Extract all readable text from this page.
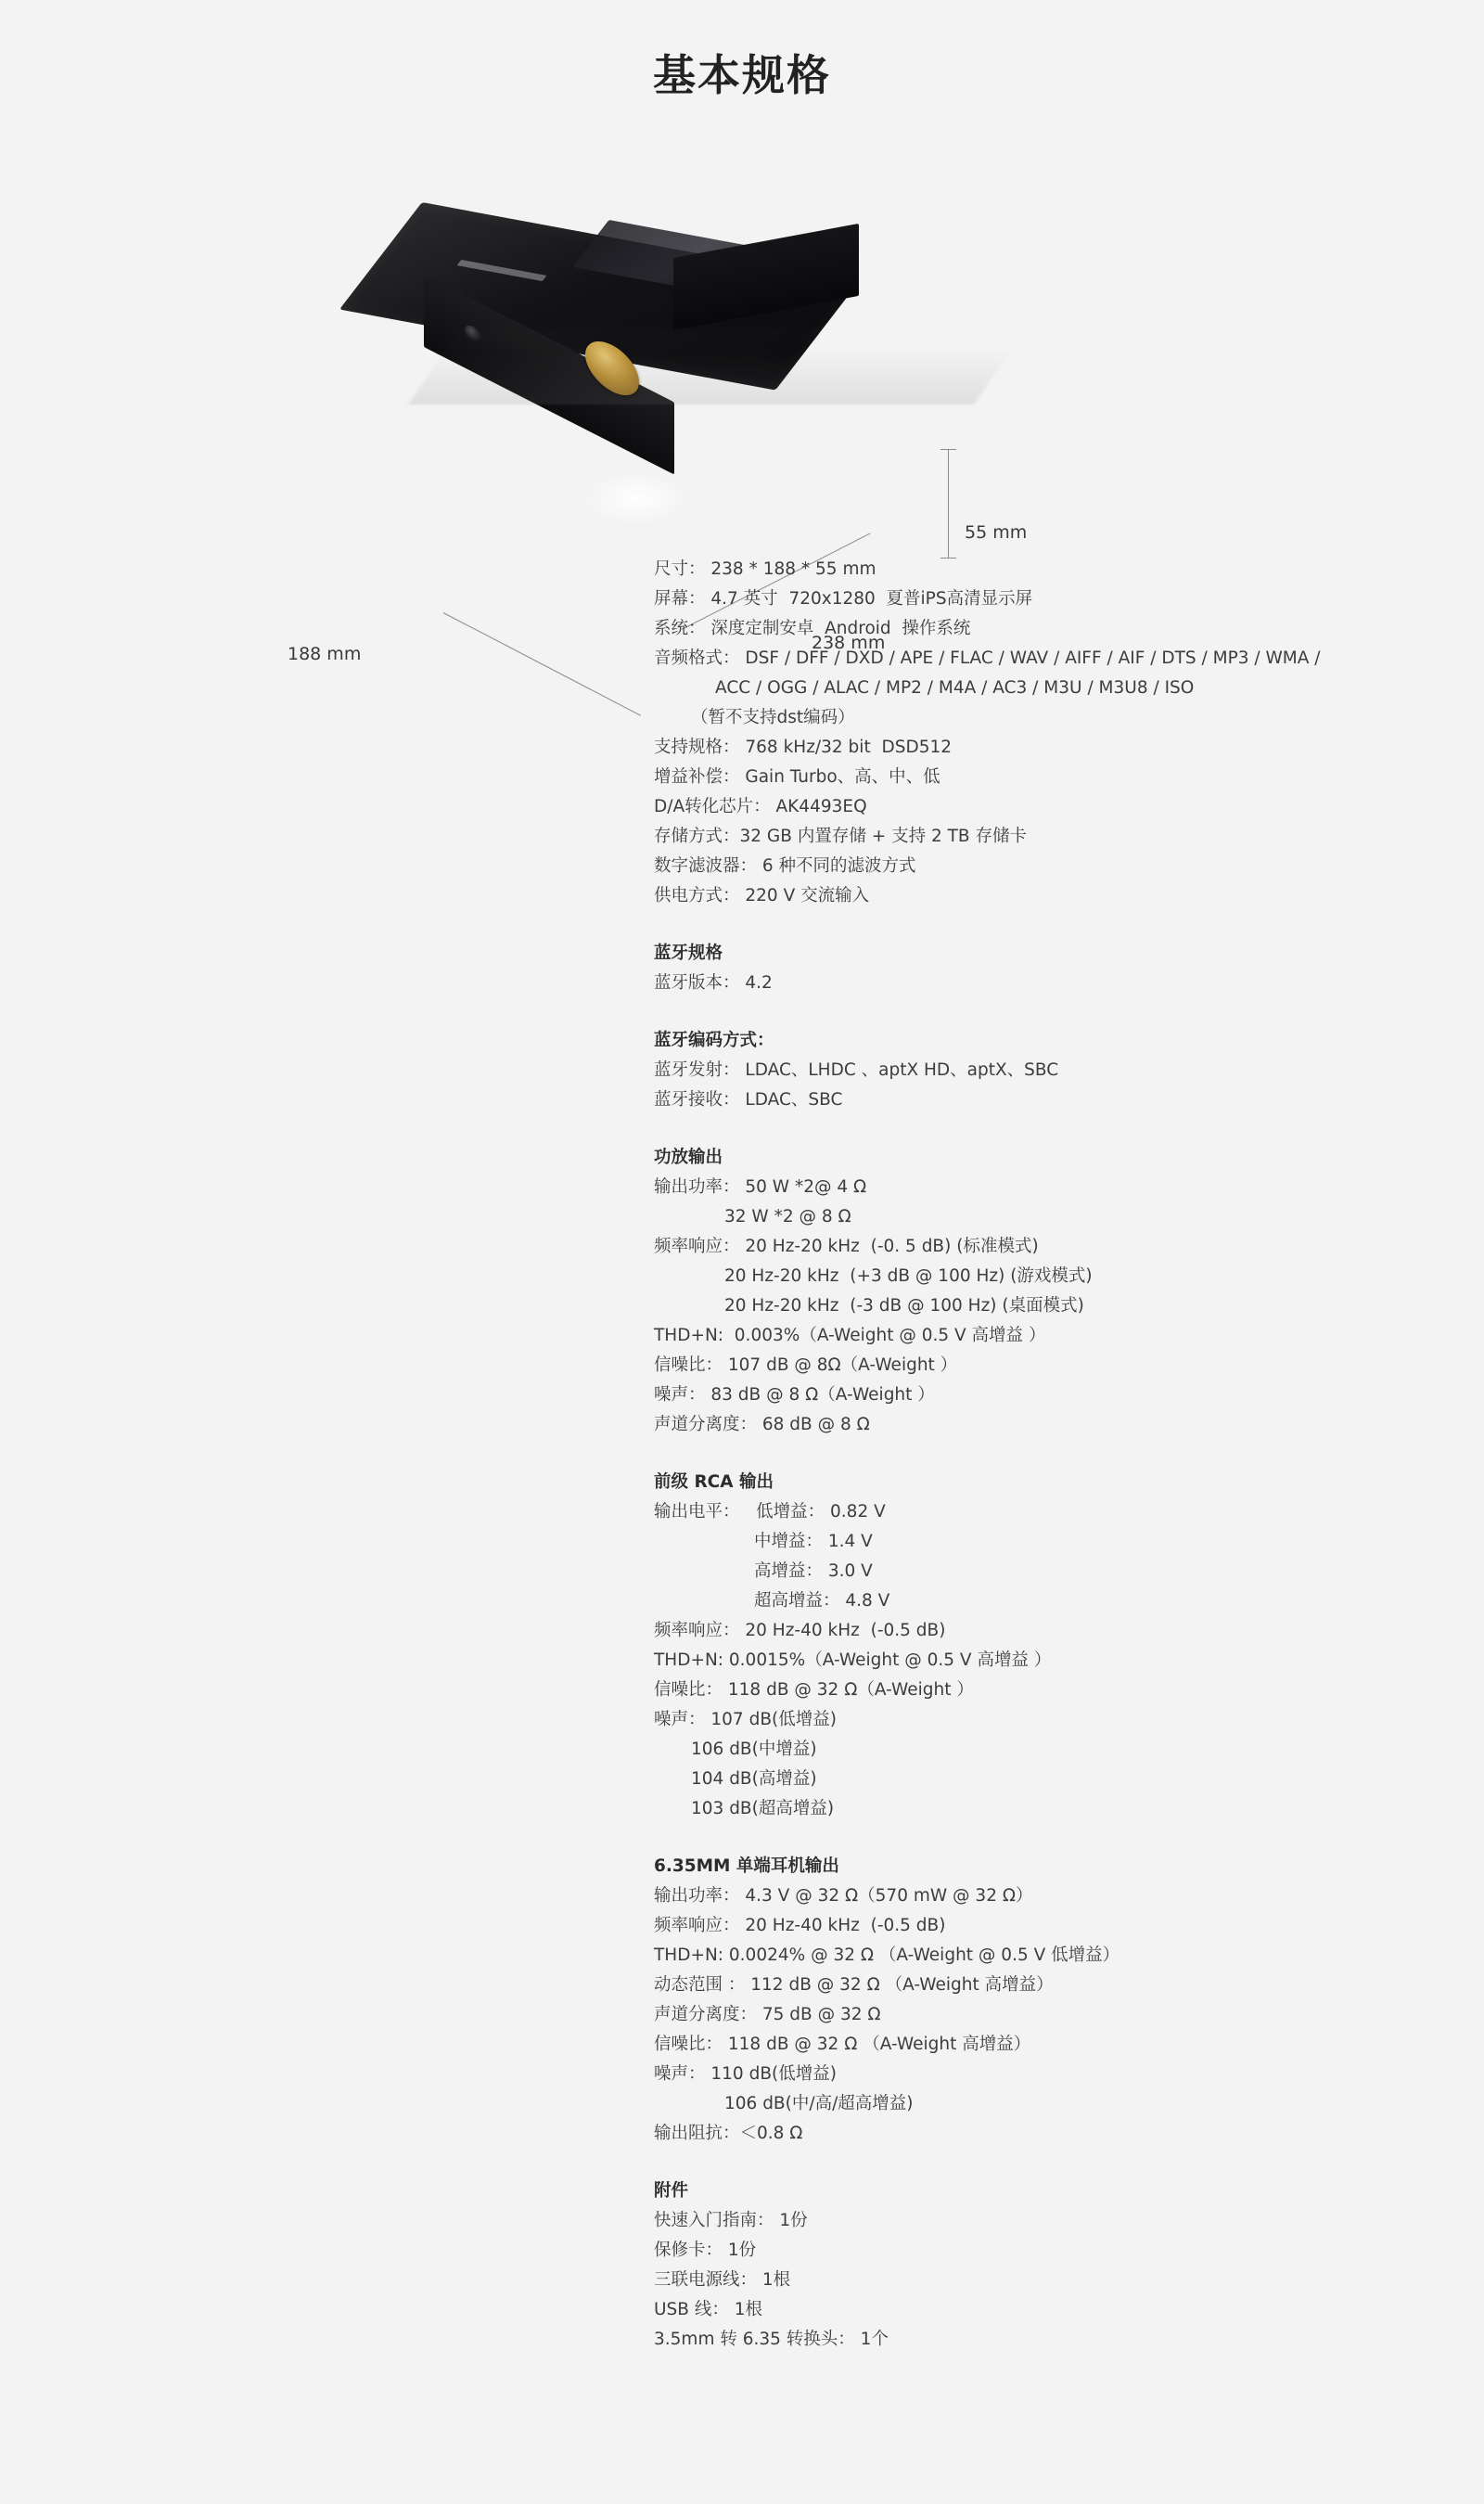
基本规格
55 mm
238 mm
188 mm
尺寸： 238 * 188 * 55 mm
屏幕： 4.7 英寸  720x1280  夏普iPS高清显示屏
系统： 深度定制安卓  Android  操作系统
音频格式： DSF / DFF / DXD / APE / FLAC / WAV / AIFF / AIF / DTS / MP3 / WMA /
ACC / OGG / ALAC / MP2 / M4A / AC3 / M3U / M3U8 / ISO
（暂不支持dst编码）
支持规格： 768 kHz/32 bit  DSD512
增益补偿： Gain Turbo、高、中、低
D/A转化芯片： AK4493EQ
存储方式：32 GB 内置存储 + 支持 2 TB 存储卡
数字滤波器： 6 种不同的滤波方式
供电方式： 220 V 交流输入
蓝牙规格
蓝牙版本： 4.2
蓝牙编码方式：
蓝牙发射： LDAC、LHDC 、aptX HD、aptX、SBC
蓝牙接收： LDAC、SBC
功放输出
输出功率： 50 W *2@ 4 Ω
32 W *2 @ 8 Ω
频率响应： 20 Hz-20 kHz  (-0. 5 dB) (标准模式)
20 Hz-20 kHz  (+3 dB @ 100 Hz) (游戏模式)
20 Hz-20 kHz  (-3 dB @ 100 Hz) (桌面模式)
THD+N:  0.003%（A-Weight @ 0.5 V 高增益 ）
信噪比： 107 dB @ 8Ω（A-Weight ）
噪声： 83 dB @ 8 Ω（A-Weight ）
声道分离度： 68 dB @ 8 Ω
前级 RCA 输出
输出电平：   低增益： 0.82 V
中增益： 1.4 V
高增益： 3.0 V
超高增益： 4.8 V
频率响应： 20 Hz-40 kHz  (-0.5 dB)
THD+N: 0.0015%（A-Weight @ 0.5 V 高增益 ）
信噪比： 118 dB @ 32 Ω（A-Weight ）
噪声： 107 dB(低增益)
106 dB(中增益)
104 dB(高增益)
103 dB(超高增益)
6.35MM 单端耳机输出
输出功率： 4.3 V @ 32 Ω（570 mW @ 32 Ω）
频率响应： 20 Hz-40 kHz  (-0.5 dB)
THD+N: 0.0024% @ 32 Ω （A-Weight @ 0.5 V 低增益）
动态范围 ： 112 dB @ 32 Ω （A-Weight 高增益）
声道分离度： 75 dB @ 32 Ω
信噪比： 118 dB @ 32 Ω （A-Weight 高增益）
噪声： 110 dB(低增益)
106 dB(中/高/超高增益)
输出阻抗：＜0.8 Ω
附件
快速入门指南： 1份
保修卡： 1份
三联电源线： 1根
USB 线： 1根
3.5mm 转 6.35 转换头： 1个
